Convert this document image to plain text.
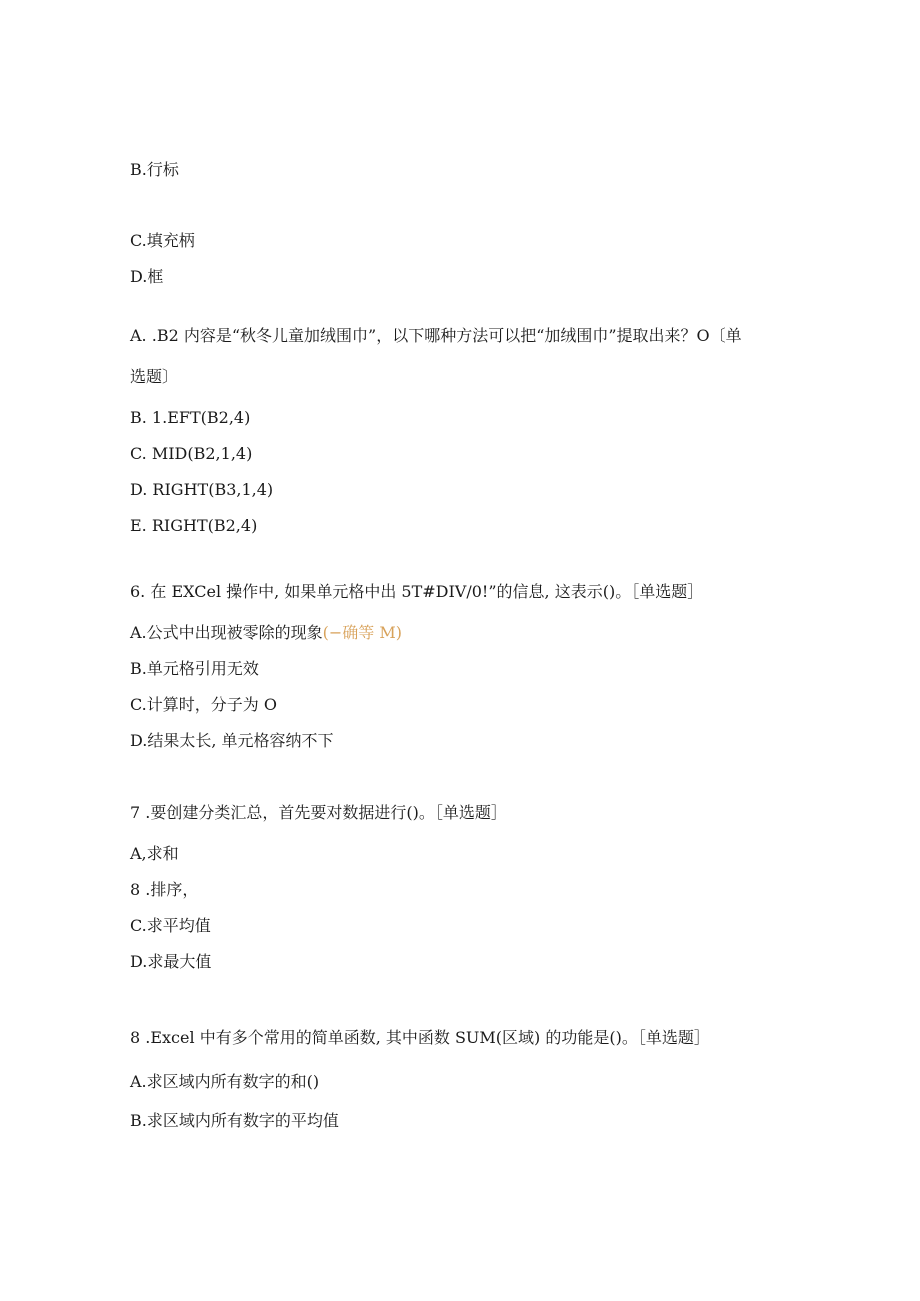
B.行标
C.填充柄
D.框
A. .B2 内容是“秋冬儿童加绒围巾”，以下哪种方法可以把“加绒围巾”提取出来？O〔单
选题〕
B. 1.EFT(B2,4)
C. MID(B2,1,4)
D. RIGHT(B3,1,4)
E. RIGHT(B2,4)
6. 在 EXCel 操作中, 如果单元格中出 5T#DIV/0!”的信息, 这表示()。［单选题］
A.公式中出现被零除的现象(−确等 M)
B.单元格引用无效
C.计算时，分子为 O
D.结果太长, 单元格容纳不下
7 .要创建分类汇总，首先要对数据进行()。［单选题］
A,求和
8 .排序，
C.求平均值
D.求最大值
8 .Excel 中有多个常用的简单函数, 其中函数 SUM(区域) 的功能是()。［单选题］
A.求区域内所有数字的和()
B.求区域内所有数字的平均值
